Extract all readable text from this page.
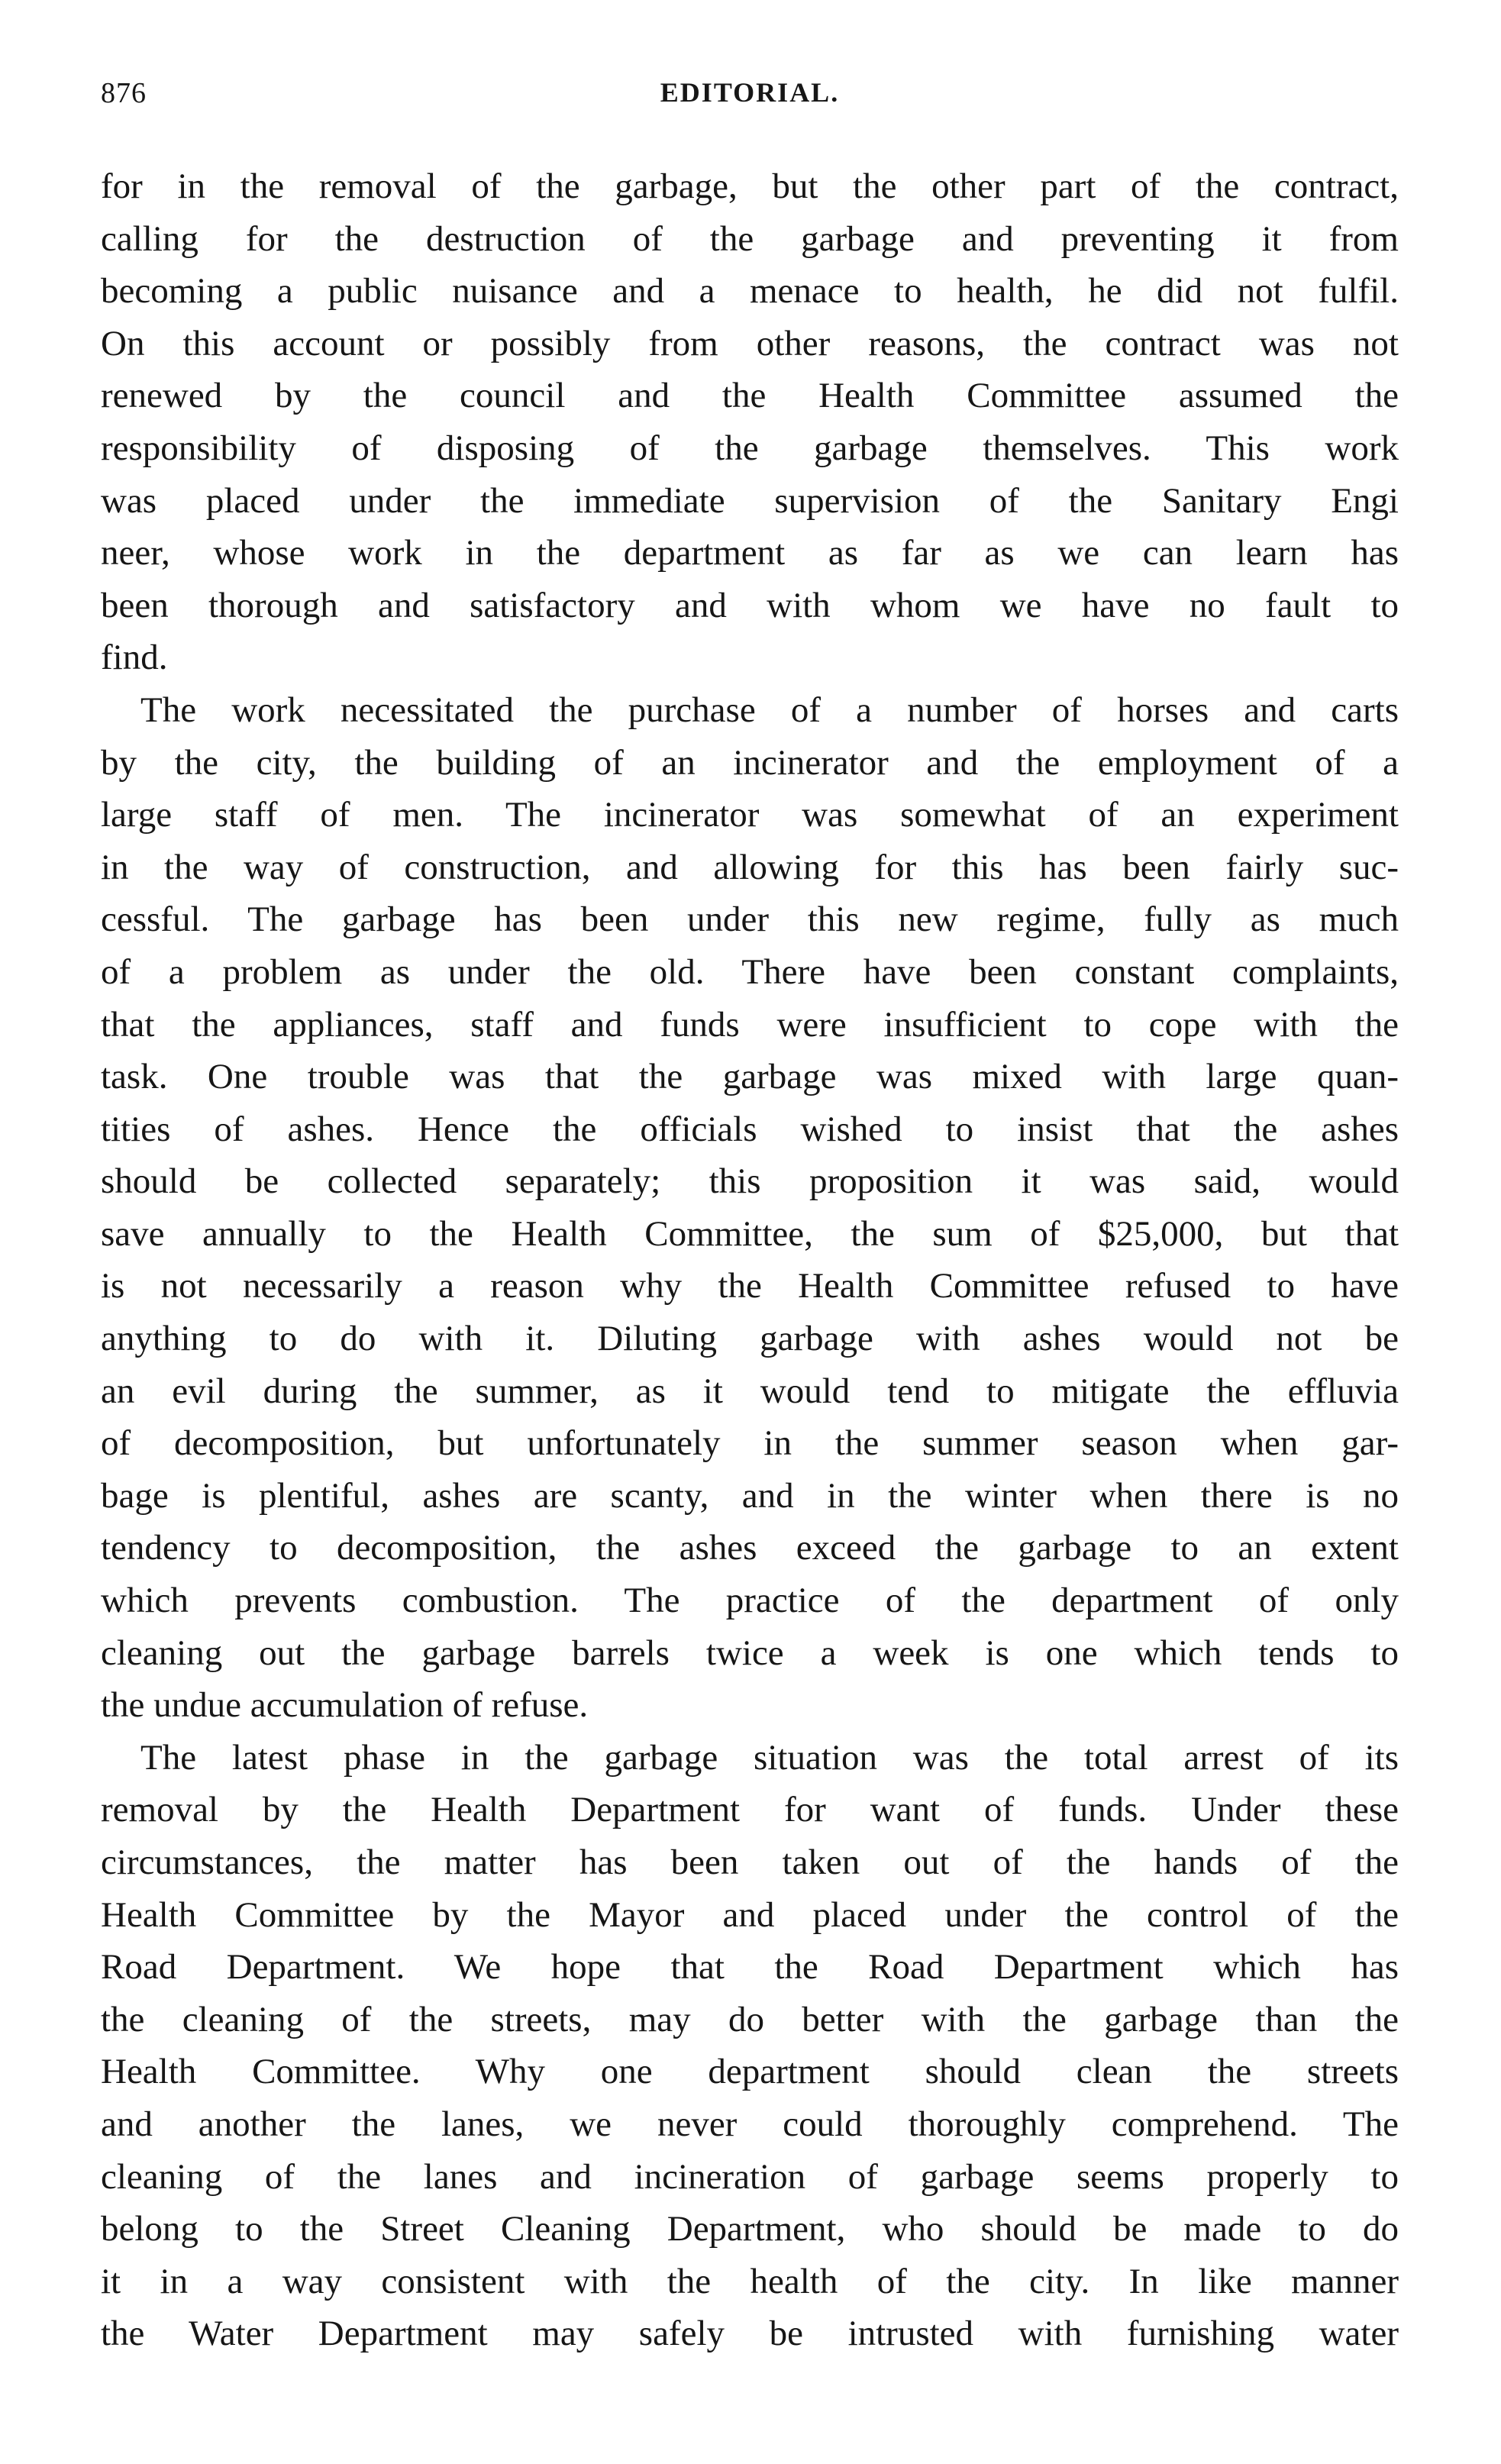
876	EDITORIAL.

for in the removal of the garbage, but the other part of the contract,
calling for the destruction of the garbage and preventing it from
becoming a public nuisance and a menace to health, he did not fulfil.
On this account or possibly from other reasons, the contract was not
renewed by the council and the Health Committee assumed the
responsibility of disposing of the garbage themselves. This work
was placed under the immediate supervision of the Sanitary Engi
neer, whose work in the department as far as we can learn has
been thorough and satisfactory and with whom we have no fault to
find.

The work necessitated the purchase of a number of horses and carts
by the city, the building of an incinerator and the employment of a
large staff of men. The incinerator was somewhat of an experiment
in the way of construction, and allowing for this has been fairly suc-
cessful. The garbage has been under this new regime, fully as much
of a problem as under the old. There have been constant complaints,
that the appliances, staff and funds were insufficient to cope with the
task. One trouble was that the garbage was mixed with large quan-
tities of ashes. Hence the officials wished to insist that the ashes
should be collected separately; this proposition it was said, would
save annually to the Health Committee, the sum of $25,000, but that
is not necessarily a reason why the Health Committee refused to have
anything to do with it. Diluting garbage with ashes would not be
an evil during the summer, as it would tend to mitigate the effluvia
of decomposition, but unfortunately in the summer season when gar-
bage is plentiful, ashes are scanty, and in the winter when there is no
tendency to decomposition, the ashes exceed the garbage to an extent
which prevents combustion. The practice of the department of only
cleaning out the garbage barrels twice a week is one which tends to
the undue accumulation of refuse.

The latest phase in the garbage situation was the total arrest of its
removal by the Health Department for want of funds. Under these
circumstances, the matter has been taken out of the hands of the
Health Committee by the Mayor and placed under the control of the
Road Department. We hope that the Road Department which has
the cleaning of the streets, may do better with the garbage than the
Health Committee. Why one department should clean the streets
and another the lanes, we never could thoroughly comprehend. The
cleaning of the lanes and incineration of garbage seems properly to
belong to the Street Cleaning Department, who should be made to do
it in a way consistent with the health of the city. In like manner
the Water Department may safely be intrusted with furnishing water
